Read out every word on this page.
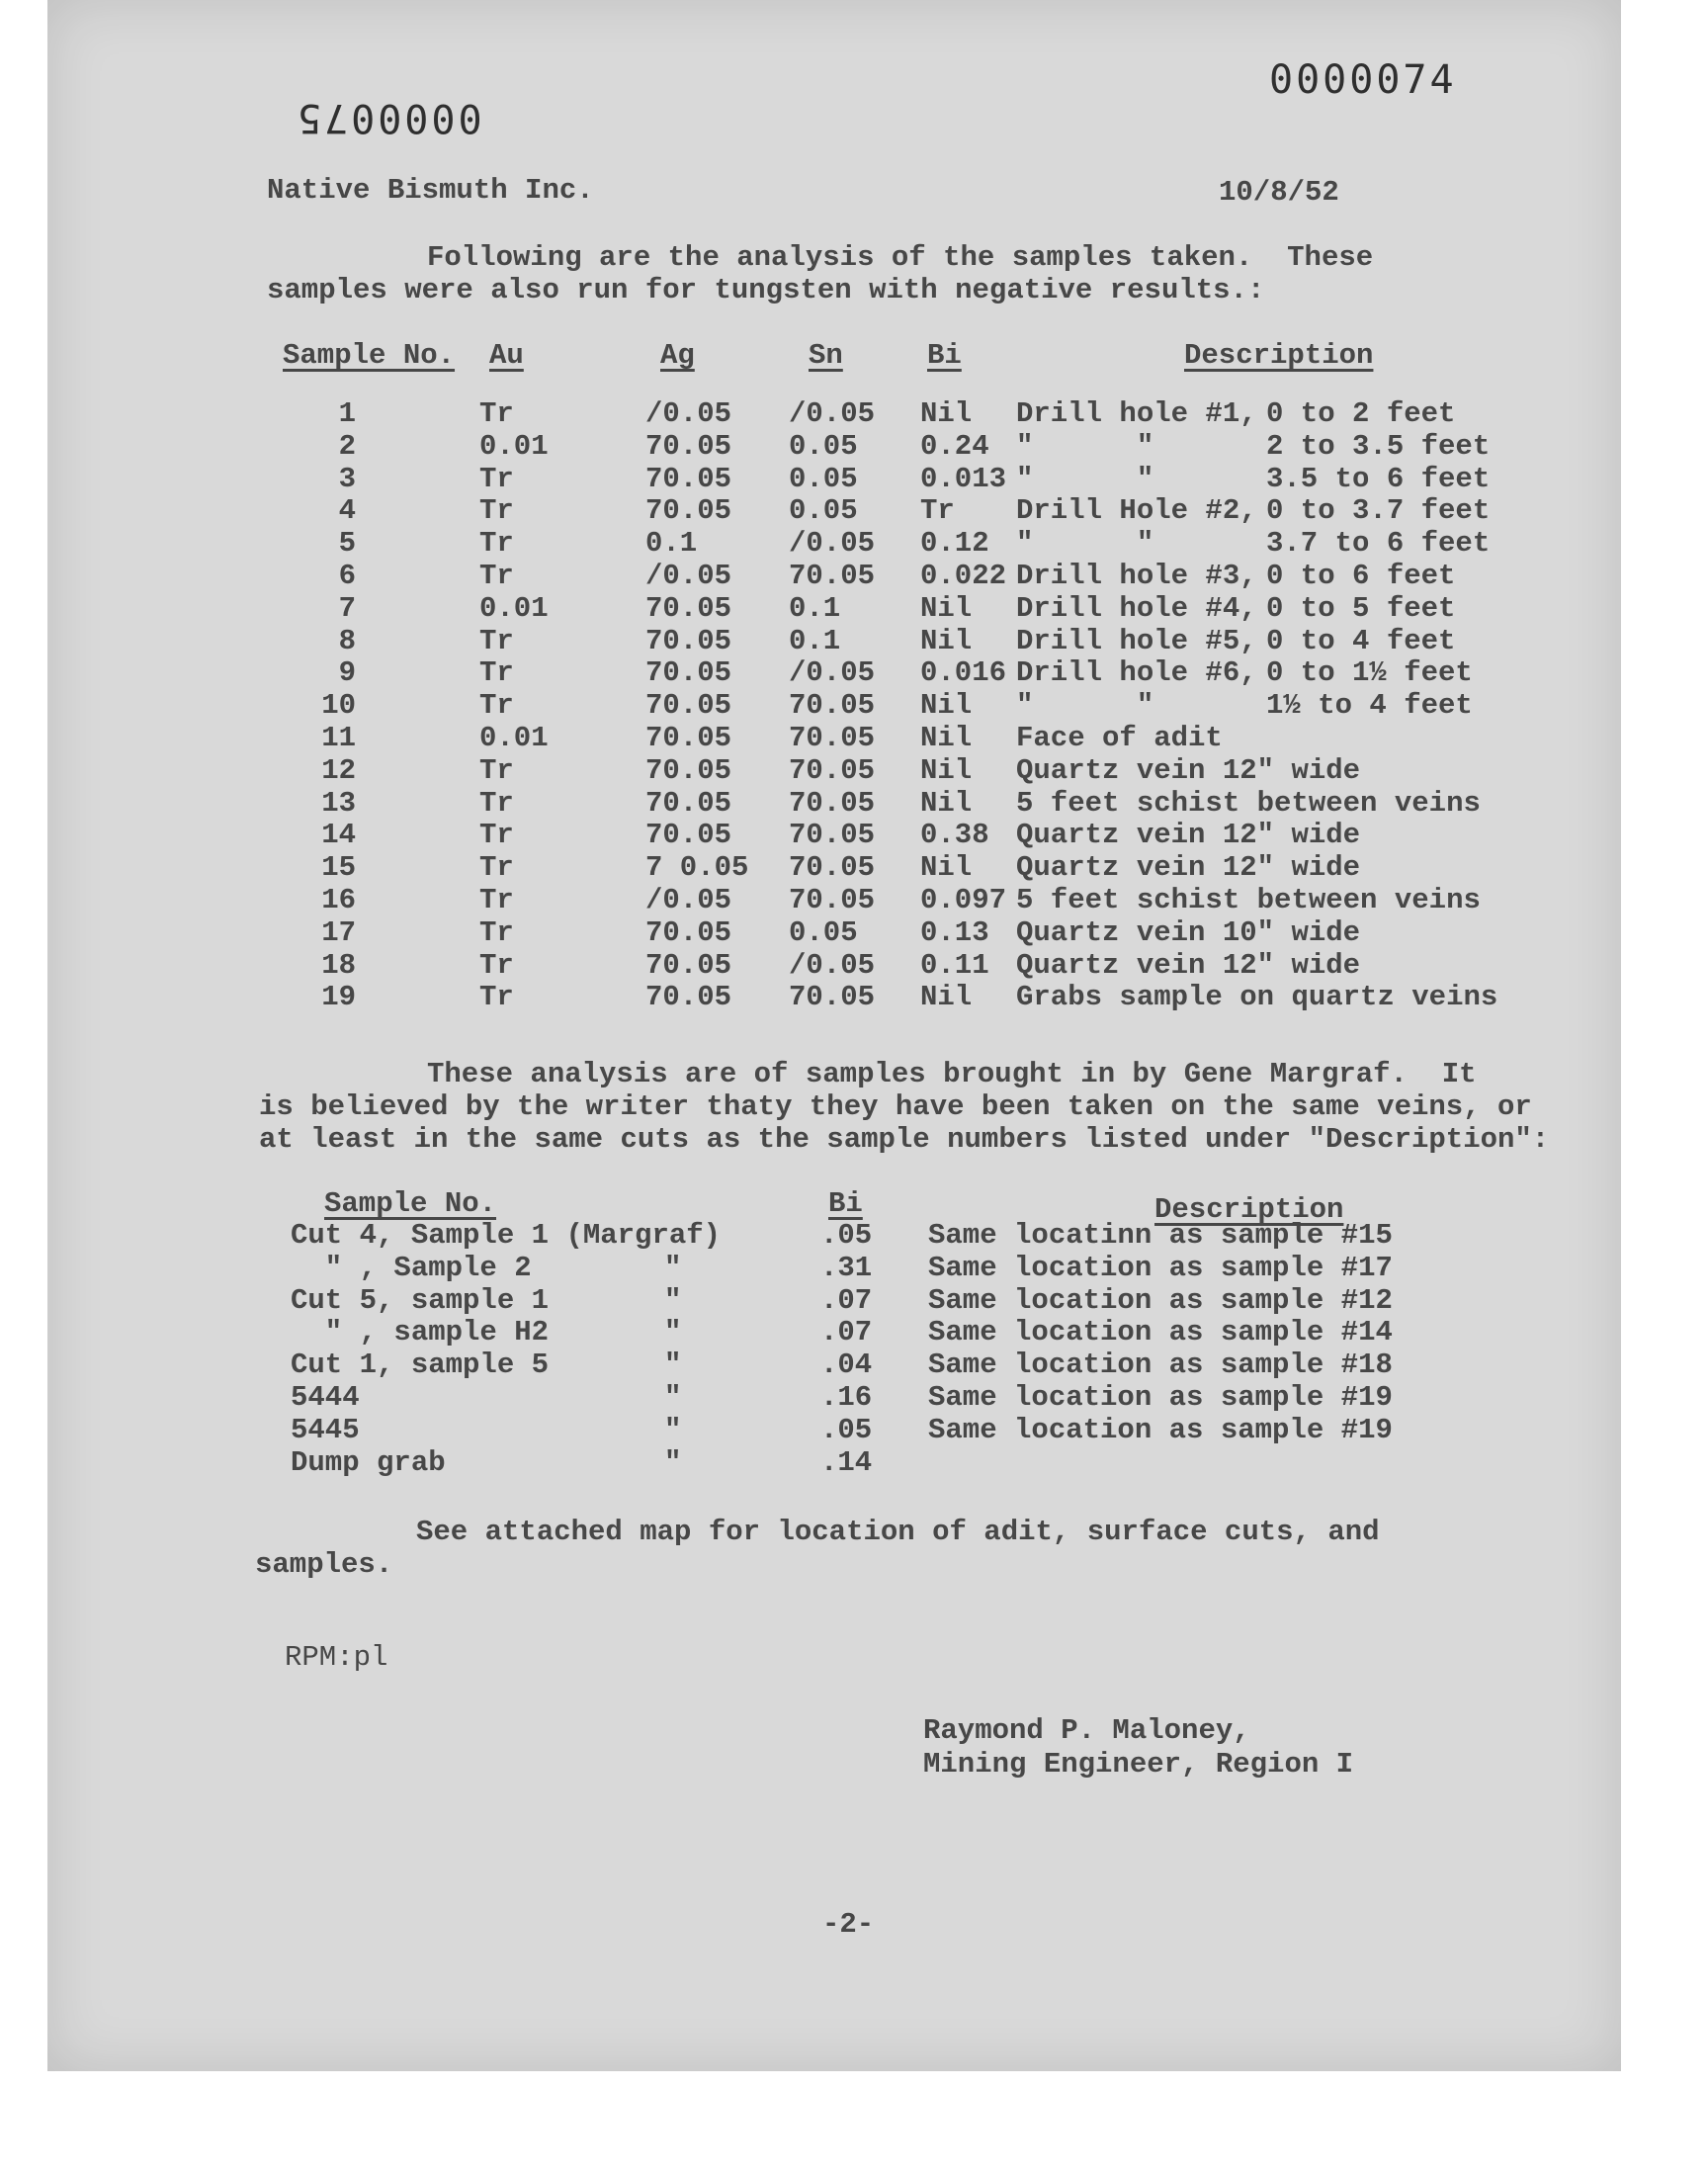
0000074
0000075
Native Bismuth Inc.	10/8/52
Following are the analysis of the samples taken.  These
samples were also run for tungsten with negative results.:
Sample No. Au	Ag	Sn	Bi	Description
1	Tr	/0.05 /0.05 Nil Drill hole #1, 0 to 2 feet
2	0.01	70.05 0.05 0.24 "      "	2 to 3.5 feet
3	Tr	70.05 0.05 0.013 "      "	3.5 to 6 feet
4	Tr	70.05 0.05 Tr Drill Hole #2, 0 to 3.7 feet
5	Tr	0.1	/0.05 0.12 "      "	3.7 to 6 feet
6	Tr	/0.05 70.05 0.022 Drill hole #3, 0 to 6 feet
7	0.01	70.05 0.1	Nil Drill hole #4, 0 to 5 feet
8	Tr	70.05 0.1	Nil Drill hole #5, 0 to 4 feet
9	Tr	70.05 /0.05 0.016 Drill hole #6, 0 to 1½ feet
10	Tr	70.05 70.05 Nil "      "	1½ to 4 feet
11	0.01	70.05 70.05 Nil Face of adit
12	Tr	70.05 70.05 Nil Quartz vein 12" wide
13	Tr	70.05 70.05 Nil 5 feet schist between veins
14	Tr	70.05 70.05 0.38 Quartz vein 12" wide
15	Tr	7 0.05 70.05 Nil Quartz vein 12" wide
16	Tr	/0.05 70.05 0.097 5 feet schist between veins
17	Tr	70.05 0.05 0.13 Quartz vein 10" wide
18	Tr	70.05 /0.05 0.11 Quartz vein 12" wide
19	Tr	70.05 70.05 Nil Grabs sample on quartz veins
These analysis are of samples brought in by Gene Margraf.  It
is believed by the writer thaty they have been taken on the same veins, or
at least in the same cuts as the sample numbers listed under "Description":
Sample No.	Bi	Description
Cut 4, Sample 1 (Margraf)	.05 Same locatinn as sample #15
" , Sample 2	"	.31 Same location as sample #17
Cut 5, sample 1	"	.07 Same location as sample #12
" , sample H2	"	.07 Same location as sample #14
Cut 1, sample 5	"	.04 Same location as sample #18
5444	"	.16 Same location as sample #19
5445	"	.05 Same location as sample #19
Dump grab	"	.14
See attached map for location of adit, surface cuts, and
samples.
RPM:pl
Raymond P. Maloney,
Mining Engineer, Region I
-2-
